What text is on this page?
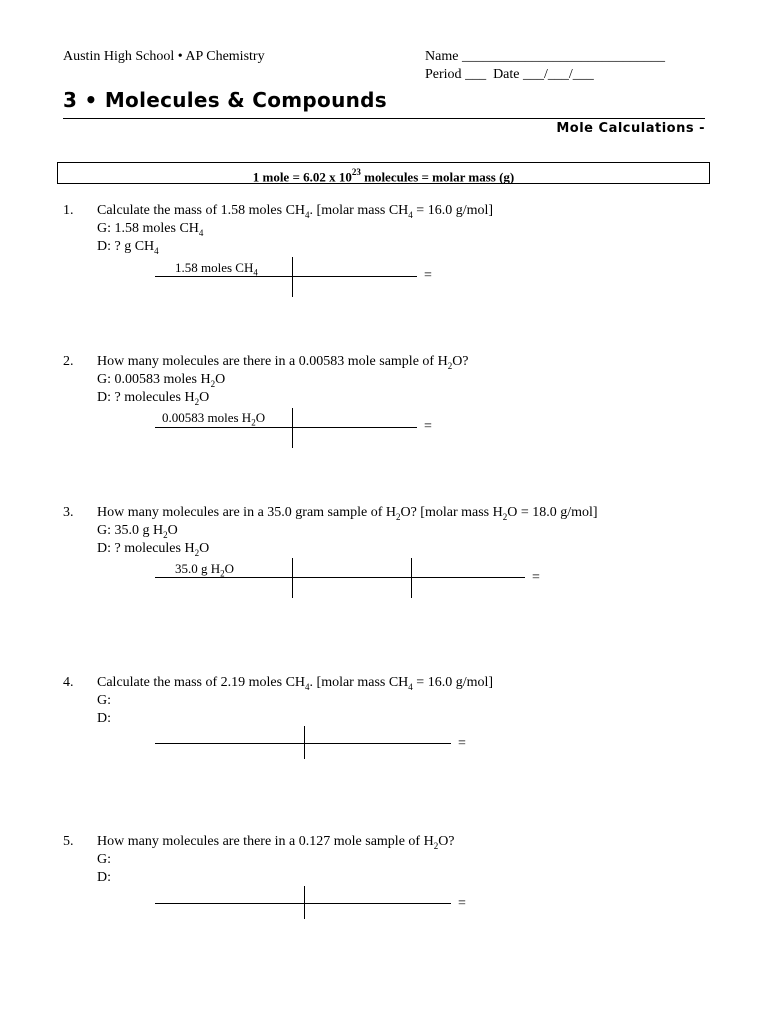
Austin High School • AP Chemistry	Name _____________________________
Period ___ Date ___/___/___
3 • Molecules & Compounds
Mole Calculations -
1 mole = 6.02 x $10^{23}$ molecules = molar mass (g)
1. Calculate the mass of 1.58 moles $CH_4$. [molar mass $CH_4 = 16.0$ g/mol]
G: 1.58 moles $CH_4$
D: ? g $CH_4$
1.58 moles $CH_4$	=
2. How many molecules are there in a 0.00583 mole sample of $H_2O$?
G: 0.00583 moles $H_2O$
D: ? molecules $H_2O$
0.00583 moles $H_2O$
=
3. How many molecules are in a 35.0 gram sample of $H_2O$? [molar mass $H_2O = 18.0$ g/mol]
G: 35.0 g $H_2O$
D: ? molecules $H_2O$
35.0 g $H_2O$
=
4. Calculate the mass of 2.19 moles $CH_4$. [molar mass $CH_4 = 16.0$ g/mol]
G:
D:
=
5. How many molecules are there in a 0.127 mole sample of $H_2O$?
G:
D:
=
